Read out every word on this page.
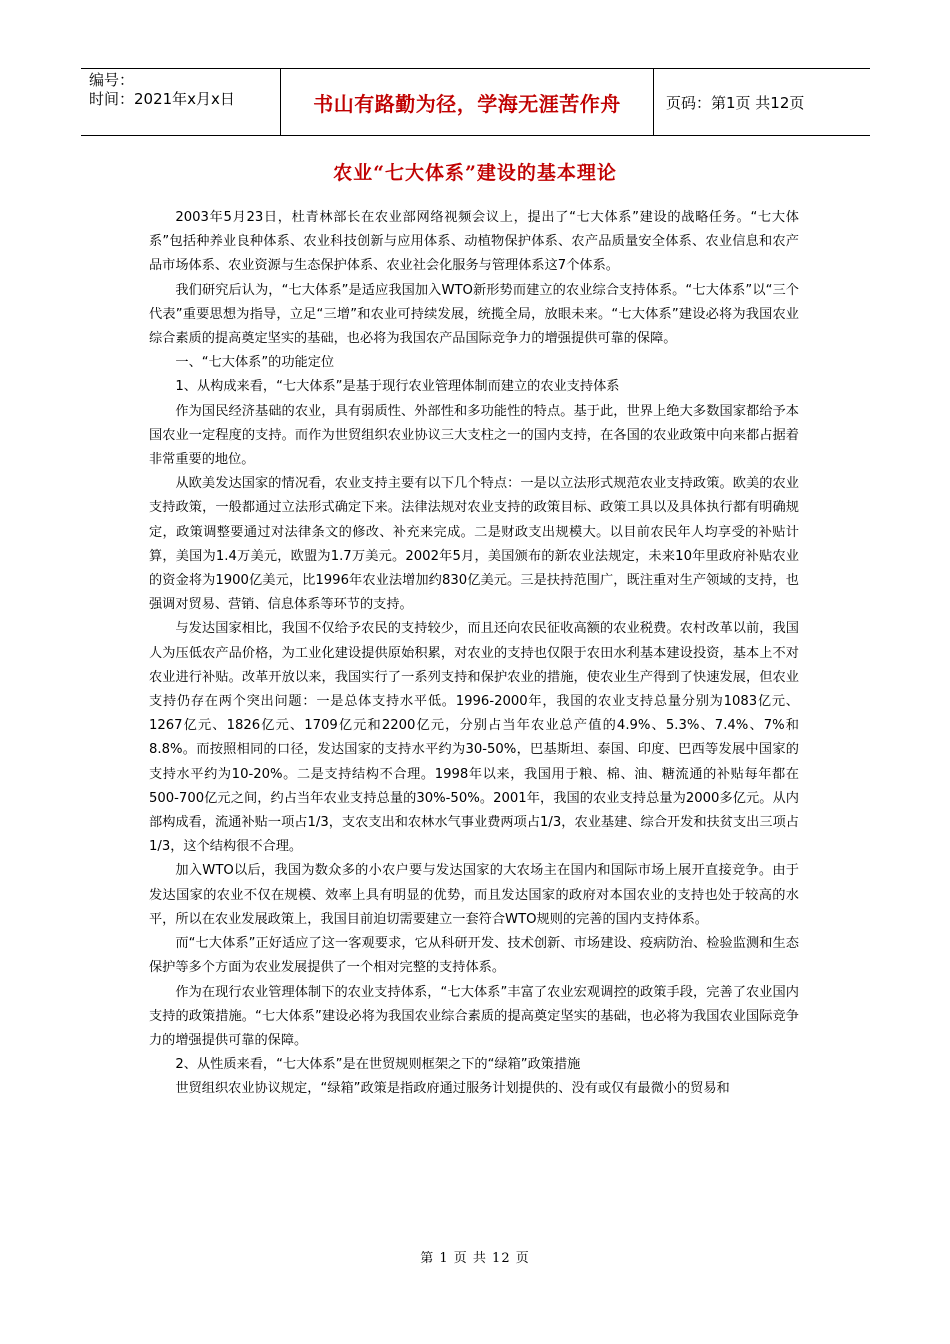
编号：
时间：2021年x月x日	书山有路勤为径，学海无涯苦作舟	页码：第1页 共12页
农业“七大体系”建设的基本理论

2003年5月23日，杜青林部长在农业部网络视频会议上，提出了“七大体系”建设的战略任务。“七大体系”包括种养业良种体系、农业科技创新与应用体系、动植物保护体系、农产品质量安全体系、农业信息和农产品市场体系、农业资源与生态保护体系、农业社会化服务与管理体系这7个体系。

我们研究后认为，“七大体系”是适应我国加入WTO新形势而建立的农业综合支持体系。“七大体系”以“三个代表”重要思想为指导，立足“三增”和农业可持续发展，统揽全局，放眼未来。“七大体系”建设必将为我国农业综合素质的提高奠定坚实的基础，也必将为我国农产品国际竞争力的增强提供可靠的保障。

一、“七大体系”的功能定位

1、从构成来看，“七大体系”是基于现行农业管理体制而建立的农业支持体系

作为国民经济基础的农业，具有弱质性、外部性和多功能性的特点。基于此，世界上绝大多数国家都给予本国农业一定程度的支持。而作为世贸组织农业协议三大支柱之一的国内支持，在各国的农业政策中向来都占据着非常重要的地位。

从欧美发达国家的情况看，农业支持主要有以下几个特点：一是以立法形式规范农业支持政策。欧美的农业支持政策，一般都通过立法形式确定下来。法律法规对农业支持的政策目标、政策工具以及具体执行都有明确规定，政策调整要通过对法律条文的修改、补充来完成。二是财政支出规模大。以目前农民年人均享受的补贴计算，美国为1.4万美元，欧盟为1.7万美元。2002年5月，美国颁布的新农业法规定，未来10年里政府补贴农业的资金将为1900亿美元，比1996年农业法增加约830亿美元。三是扶持范围广，既注重对生产领域的支持，也强调对贸易、营销、信息体系等环节的支持。

与发达国家相比，我国不仅给予农民的支持较少，而且还向农民征收高额的农业税费。农村改革以前，我国人为压低农产品价格，为工业化建设提供原始积累，对农业的支持也仅限于农田水利基本建设投资，基本上不对农业进行补贴。改革开放以来，我国实行了一系列支持和保护农业的措施，使农业生产得到了快速发展，但农业支持仍存在两个突出问题：一是总体支持水平低。1996-2000年，我国的农业支持总量分别为1083亿元、1267亿元、1826亿元、1709亿元和2200亿元，分别占当年农业总产值的4.9%、5.3%、7.4%、7%和8.8%。而按照相同的口径，发达国家的支持水平约为30-50%，巴基斯坦、泰国、印度、巴西等发展中国家的支持水平约为10-20%。二是支持结构不合理。1998年以来，我国用于粮、棉、油、糖流通的补贴每年都在500-700亿元之间，约占当年农业支持总量的30%-50%。2001年，我国的农业支持总量为2000多亿元。从内部构成看，流通补贴一项占1/3，支农支出和农林水气事业费两项占1/3，农业基建、综合开发和扶贫支出三项占1/3，这个结构很不合理。

加入WTO以后，我国为数众多的小农户要与发达国家的大农场主在国内和国际市场上展开直接竞争。由于发达国家的农业不仅在规模、效率上具有明显的优势，而且发达国家的政府对本国农业的支持也处于较高的水平，所以在农业发展政策上，我国目前迫切需要建立一套符合WTO规则的完善的国内支持体系。

而“七大体系”正好适应了这一客观要求，它从科研开发、技术创新、市场建设、疫病防治、检验监测和生态保护等多个方面为农业发展提供了一个相对完整的支持体系。

作为在现行农业管理体制下的农业支持体系，“七大体系”丰富了农业宏观调控的政策手段，完善了农业国内支持的政策措施。“七大体系”建设必将为我国农业综合素质的提高奠定坚实的基础，也必将为我国农业国际竞争力的增强提供可靠的保障。

2、从性质来看，“七大体系”是在世贸规则框架之下的“绿箱”政策措施

世贸组织农业协议规定，“绿箱”政策是指政府通过服务计划提供的、没有或仅有最微小的贸易和

第 1 页 共 12 页
